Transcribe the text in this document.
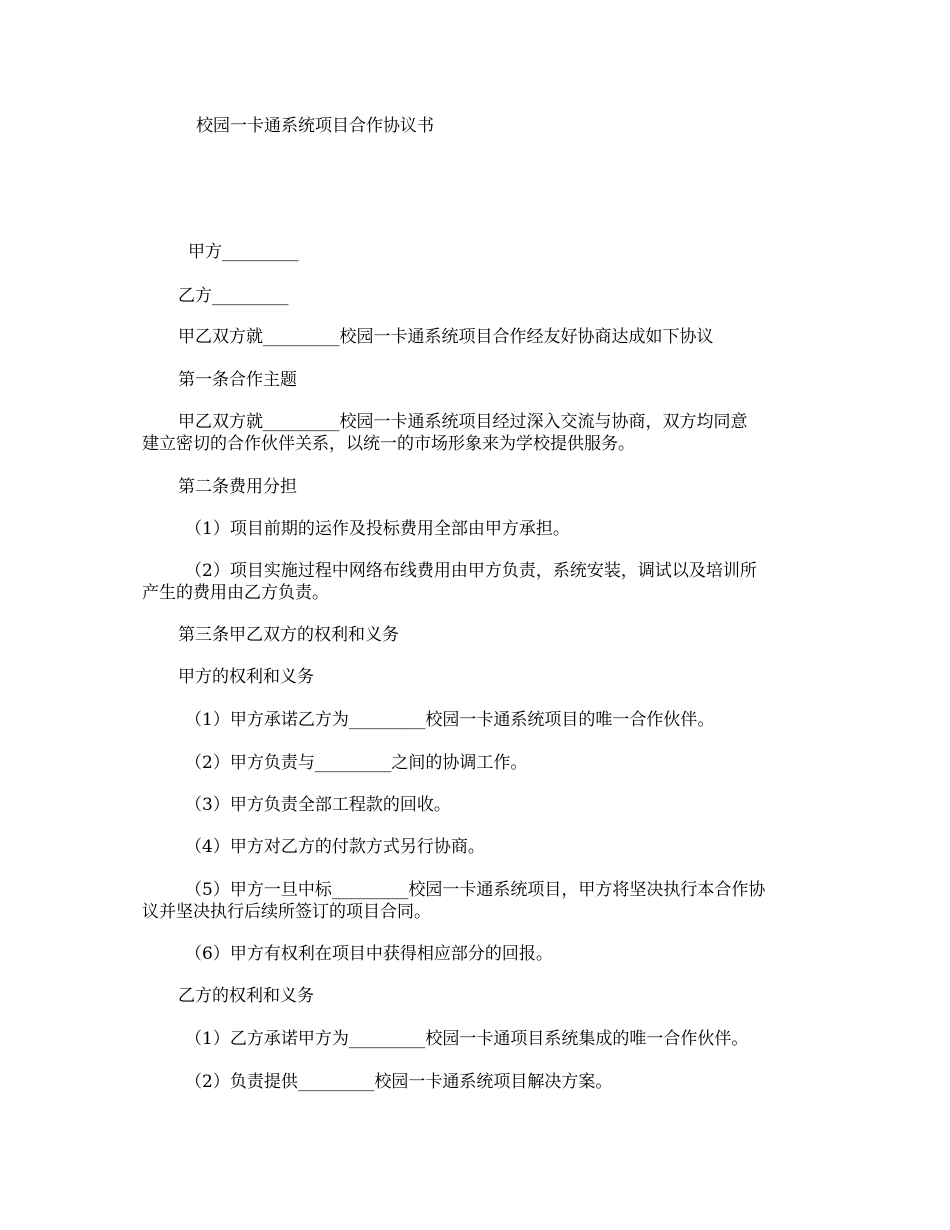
校园一卡通系统项目合作协议书

甲方_________

乙方_________

甲乙双方就_________校园一卡通系统项目合作经友好协商达成如下协议

第一条合作主题

甲乙双方就_________校园一卡通系统项目经过深入交流与协商，双方均同意

建立密切的合作伙伴关系，以统一的市场形象来为学校提供服务。

第二条费用分担

（1）项目前期的运作及投标费用全部由甲方承担。

（2）项目实施过程中网络布线费用由甲方负责，系统安装，调试以及培训所

产生的费用由乙方负责。

第三条甲乙双方的权利和义务

甲方的权利和义务

（1）甲方承诺乙方为_________校园一卡通系统项目的唯一合作伙伴。

（2）甲方负责与_________之间的协调工作。

（3）甲方负责全部工程款的回收。

（4）甲方对乙方的付款方式另行协商。

（5）甲方一旦中标_________校园一卡通系统项目，甲方将坚决执行本合作协

议并坚决执行后续所签订的项目合同。

（6）甲方有权利在项目中获得相应部分的回报。

乙方的权利和义务

（1）乙方承诺甲方为_________校园一卡通项目系统集成的唯一合作伙伴。

（2）负责提供_________校园一卡通系统项目解决方案。
